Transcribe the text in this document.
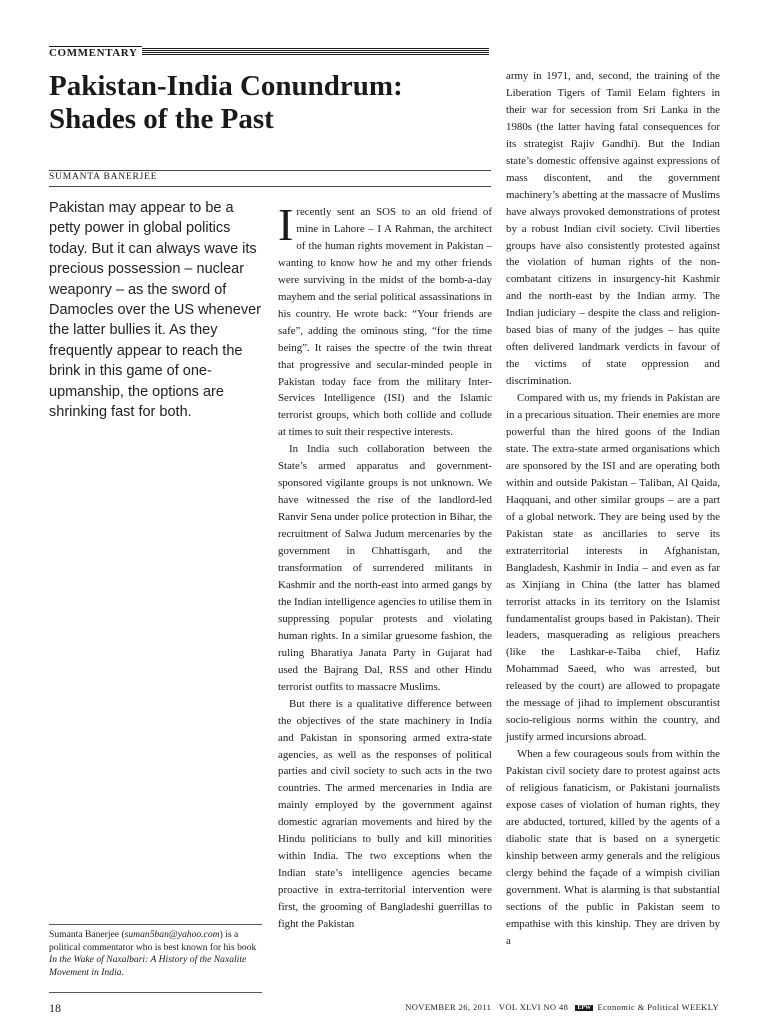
COMMENTARY
Pakistan-India Conundrum:
Shades of the Past
SUMANTA BANERJEE
Pakistan may appear to be a petty power in global politics today. But it can always wave its precious possession – nuclear weaponry – as the sword of Damocles over the US whenever the latter bullies it. As they frequently appear to reach the brink in this game of one-upmanship, the options are shrinking fast for both.

Irecently sent an SOS to an old friend of mine in Lahore – I A Rahman, the architect of the human rights movement in Pakistan – wanting to know how he and my other friends were surviving in the midst of the bomb-a-day mayhem and the serial political assassinations in his country. He wrote back: “Your friends are safe”, adding the ominous sting, “for the time being”. It raises the spectre of the twin threat that progressive and secular-minded people in Pakistan today face from the military Inter-Services Intelligence (ISI) and the Islamic terrorist groups, which both collide and collude at times to suit their respective interests.

In India such collaboration between the State’s armed apparatus and government-sponsored vigilante groups is not unknown. We have witnessed the rise of the landlord-led Ranvir Sena under police protection in Bihar, the recruitment of Salwa Judum mercenaries by the government in Chhattisgarh, and the transformation of surrendered militants in Kashmir and the north-east into armed gangs by the Indian intelligence agencies to utilise them in suppressing popular protests and violating human rights. In a similar gruesome fashion, the ruling Bharatiya Janata Party in Gujarat had used the Bajrang Dal, RSS and other Hindu terrorist outfits to massacre Muslims.

But there is a qualitative difference between the objectives of the state machinery in India and Pakistan in sponsoring armed extra-state agencies, as well as the responses of political parties and civil society to such acts in the two countries. The armed mercenaries in India are mainly employed by the government against domestic agrarian movements and hired by the Hindu politicians to bully and kill minorities within India. The two exceptions when the Indian state’s intelligence agencies became proactive in extra-territorial intervention were first, the grooming of Bangladeshi guerrillas to fight the Pakistan

army in 1971, and, second, the training of the Liberation Tigers of Tamil Eelam fighters in their war for secession from Sri Lanka in the 1980s (the latter having fatal consequences for its strategist Rajiv Gandhi). But the Indian state’s domestic offensive against expressions of mass discontent, and the government machinery’s abetting at the massacre of Muslims have always provoked demonstrations of protest by a robust Indian civil society. Civil liberties groups have also consistently protested against the violation of human rights of the non-combatant citizens in insurgency-hit Kashmir and the north-east by the Indian army. The Indian judiciary – despite the class and religion-based bias of many of the judges – has quite often delivered landmark verdicts in favour of the victims of state oppression and discrimination.

Compared with us, my friends in Pakistan are in a precarious situation. Their enemies are more powerful than the hired goons of the Indian state. The extra-state armed organisations which are sponsored by the ISI and are operating both within and outside Pakistan – Taliban, Al Qaida, Haqquani, and other similar groups – are a part of a global network. They are being used by the Pakistan state as ancillaries to serve its extraterritorial interests in Afghanistan, Bangladesh, Kashmir in India – and even as far as Xinjiang in China (the latter has blamed terrorist attacks in its territory on the Islamist fundamentalist groups based in Pakistan). Their leaders, masquerading as religious preachers (like the Lashkar-e-Taiba chief, Hafiz Mohammad Saeed, who was arrested, but released by the court) are allowed to propagate the message of jihad to implement obscurantist socio-religious norms within the country, and justify armed incursions abroad.

When a few courageous souls from within the Pakistan civil society dare to protest against acts of religious fanaticism, or Pakistani journalists expose cases of violation of human rights, they are abducted, tortured, killed by the agents of a diabolic state that is based on a synergetic kinship between army generals and the religious clergy behind the façade of a wimpish civilian government. What is alarming is that substantial sections of the public in Pakistan seem to empathise with this kinship. They are driven by a

Sumanta Banerjee (suman5ban@yahoo.com) is a political commentator who is best known for his book In the Wake of Naxalbari: A History of the Naxalite Movement in India.
18	NOVEMBER 26, 2011 VOL XLVI NO 48 EPW Economic & Political WEEKLY
